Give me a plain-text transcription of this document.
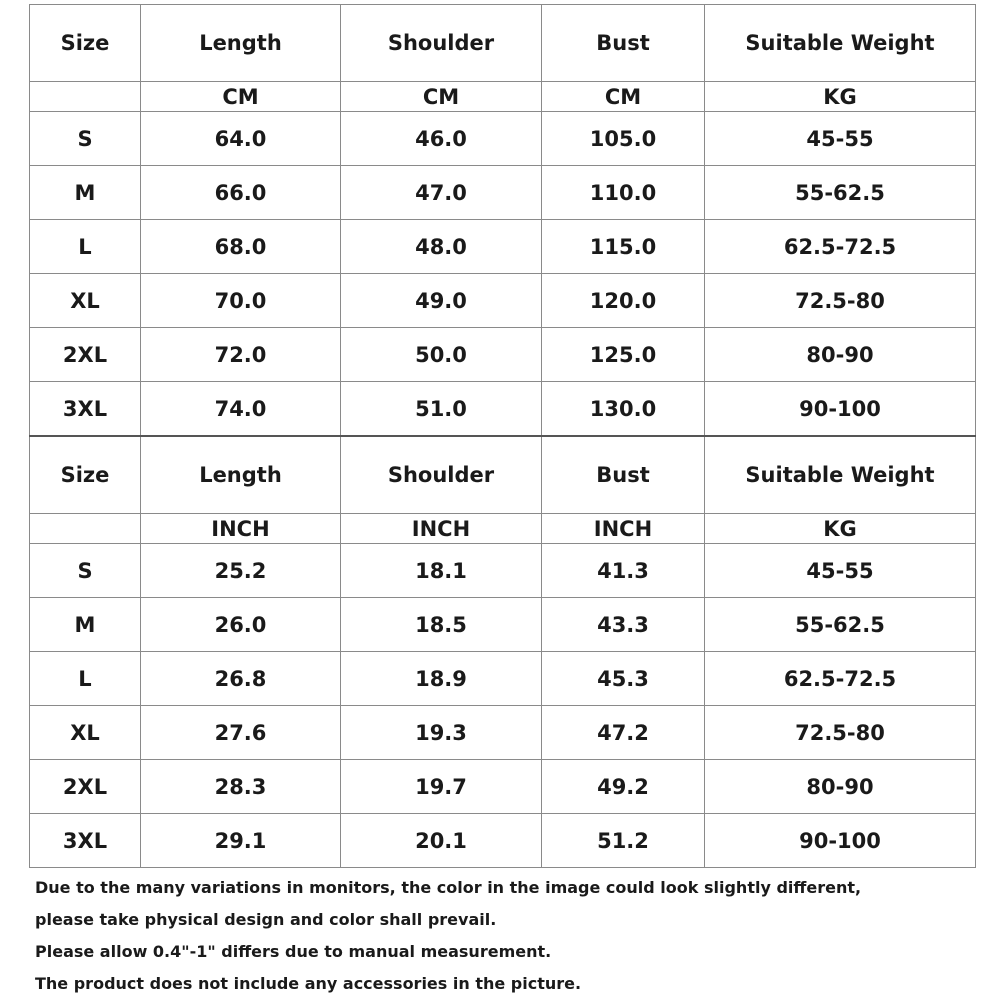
Size	Length	Shoulder	Bust	Suitable Weight
	CM	CM	CM	KG
S	64.0	46.0	105.0	45-55
M	66.0	47.0	110.0	55-62.5
L	68.0	48.0	115.0	62.5-72.5
XL	70.0	49.0	120.0	72.5-80
2XL	72.0	50.0	125.0	80-90
3XL	74.0	51.0	130.0	90-100
Size	Length	Shoulder	Bust	Suitable Weight
	INCH	INCH	INCH	KG
S	25.2	18.1	41.3	45-55
M	26.0	18.5	43.3	55-62.5
L	26.8	18.9	45.3	62.5-72.5
XL	27.6	19.3	47.2	72.5-80
2XL	28.3	19.7	49.2	80-90
3XL	29.1	20.1	51.2	90-100

Due to the many variations in monitors, the color in the image could look slightly different,

please take physical design and color shall prevail.

Please allow 0.4"-1" differs due to manual measurement.

The product does not include any accessories in the picture.
